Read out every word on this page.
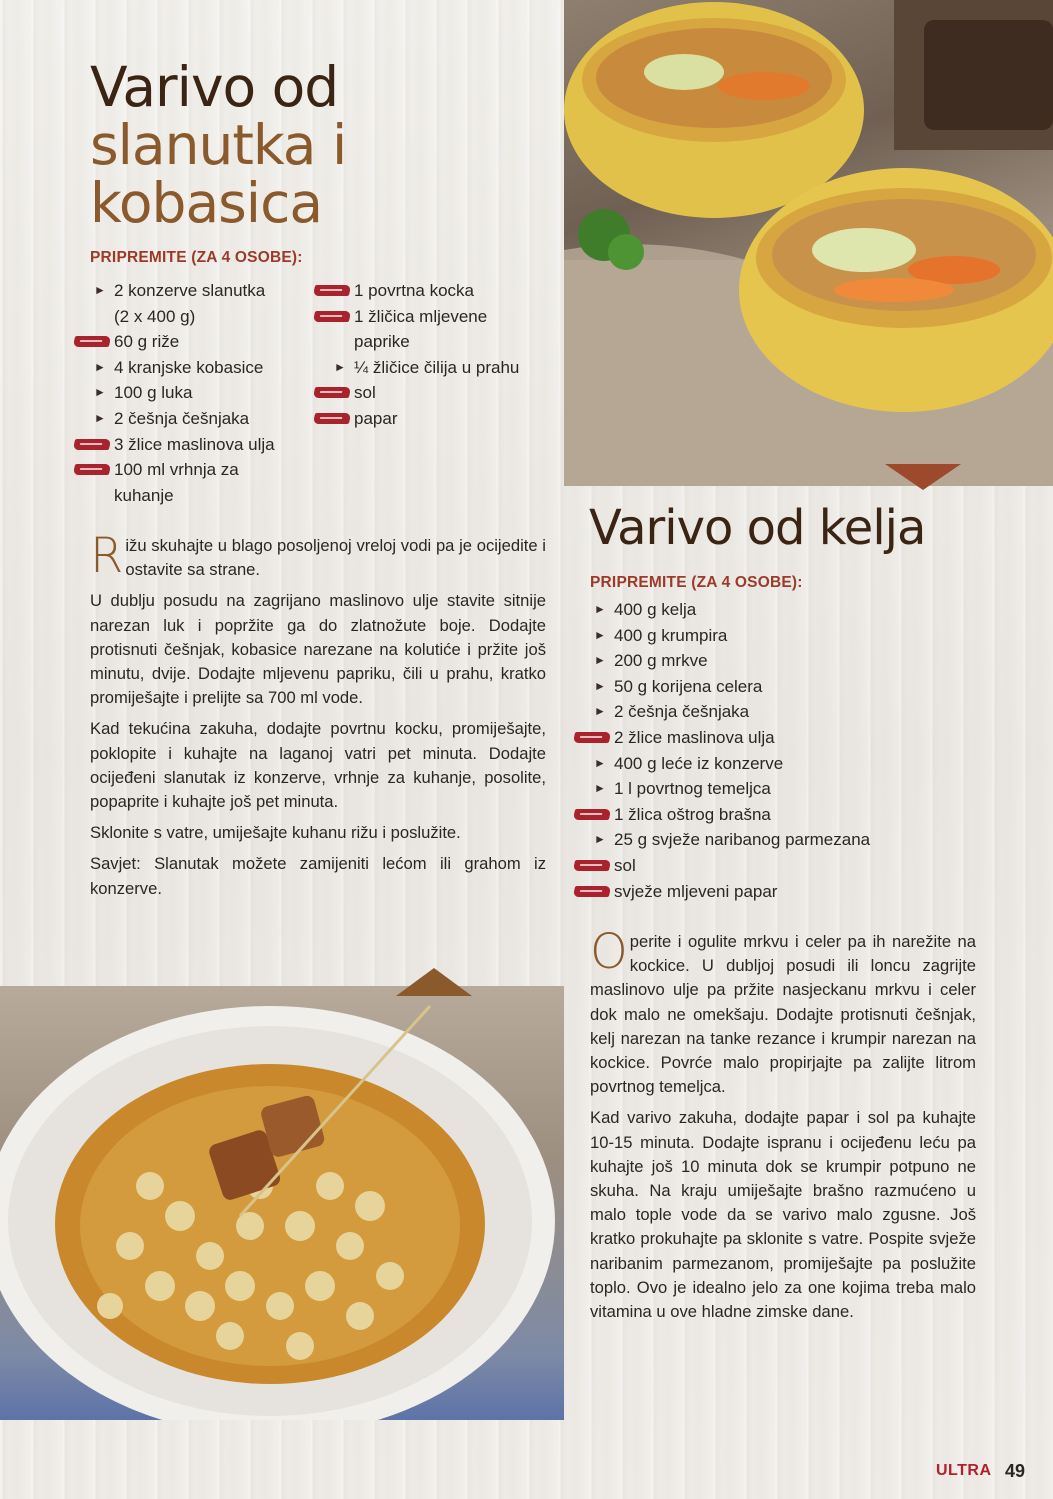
Varivo od
slanutka i
kobasica
PRIPREMITE (ZA 4 OSOBE):
► 2 konzerve slanutka
(2 x 400 g)
60 g riže
► 4 kranjske kobasice
► 100 g luka
► 2 češnja češnjaka
3 žlice maslinova ulja
100 ml vrhnja za
kuhanje
1 povrtna kocka
1 žličica mljevene
paprike
► ¼ žličice čilija u prahu
sol
papar

Rižu skuhajte u blago posoljenoj vreloj vodi pa je ocijedite i ostavite sa strane.

U dublju posudu na zagrijano maslinovo ulje stavite sitnije narezan luk i popržite ga do zlatnožute boje. Dodajte protisnuti češnjak, kobasice narezane na kolutiće i pržite još minutu, dvije. Dodajte mljevenu papriku, čili u prahu, kratko promiješajte i prelijte sa 700 ml vode.

Kad tekućina zakuha, dodajte povrtnu kocku, promiješajte, poklopite i kuhajte na laganoj vatri pet minuta. Dodajte ocijeđeni slanutak iz konzerve, vrhnje za kuhanje, posolite, popaprite i kuhajte još pet minuta.

Sklonite s vatre, umiješajte kuhanu rižu i poslužite.

Savjet: Slanutak možete zamijeniti lećom ili grahom iz konzerve.

Varivo od kelja
PRIPREMITE (ZA 4 OSOBE):
► 400 g kelja
► 400 g krumpira
► 200 g mrkve
► 50 g korijena celera
► 2 češnja češnjaka
2 žlice maslinova ulja
► 400 g leće iz konzerve
► 1 l povrtnog temeljca
1 žlica oštrog brašna
► 25 g svježe naribanog parmezana
sol
svježe mljeveni papar

Operite i ogulite mrkvu i celer pa ih narežite na kockice. U dubljoj posudi ili loncu zagrijte maslinovo ulje pa pržite nasjeckanu mrkvu i celer dok malo ne omekšaju. Dodajte protisnuti češnjak, kelj narezan na tanke rezance i krumpir narezan na kockice. Povrće malo propirjajte pa zalijte litrom povrtnog temeljca.

Kad varivo zakuha, dodajte papar i sol pa kuhajte 10-15 minuta. Dodajte ispranu i ocijeđenu leću pa kuhajte još 10 minuta dok se krumpir potpuno ne skuha. Na kraju umiješajte brašno razmućeno u malo tople vode da se varivo malo zgusne. Još kratko prokuhajte pa sklonite s vatre. Pospite svježe naribanim parmezanom, promiješajte pa poslužite toplo. Ovo je idealno jelo za one kojima treba malo vitamina u ove hladne zimske dane.

ULTRA 49
